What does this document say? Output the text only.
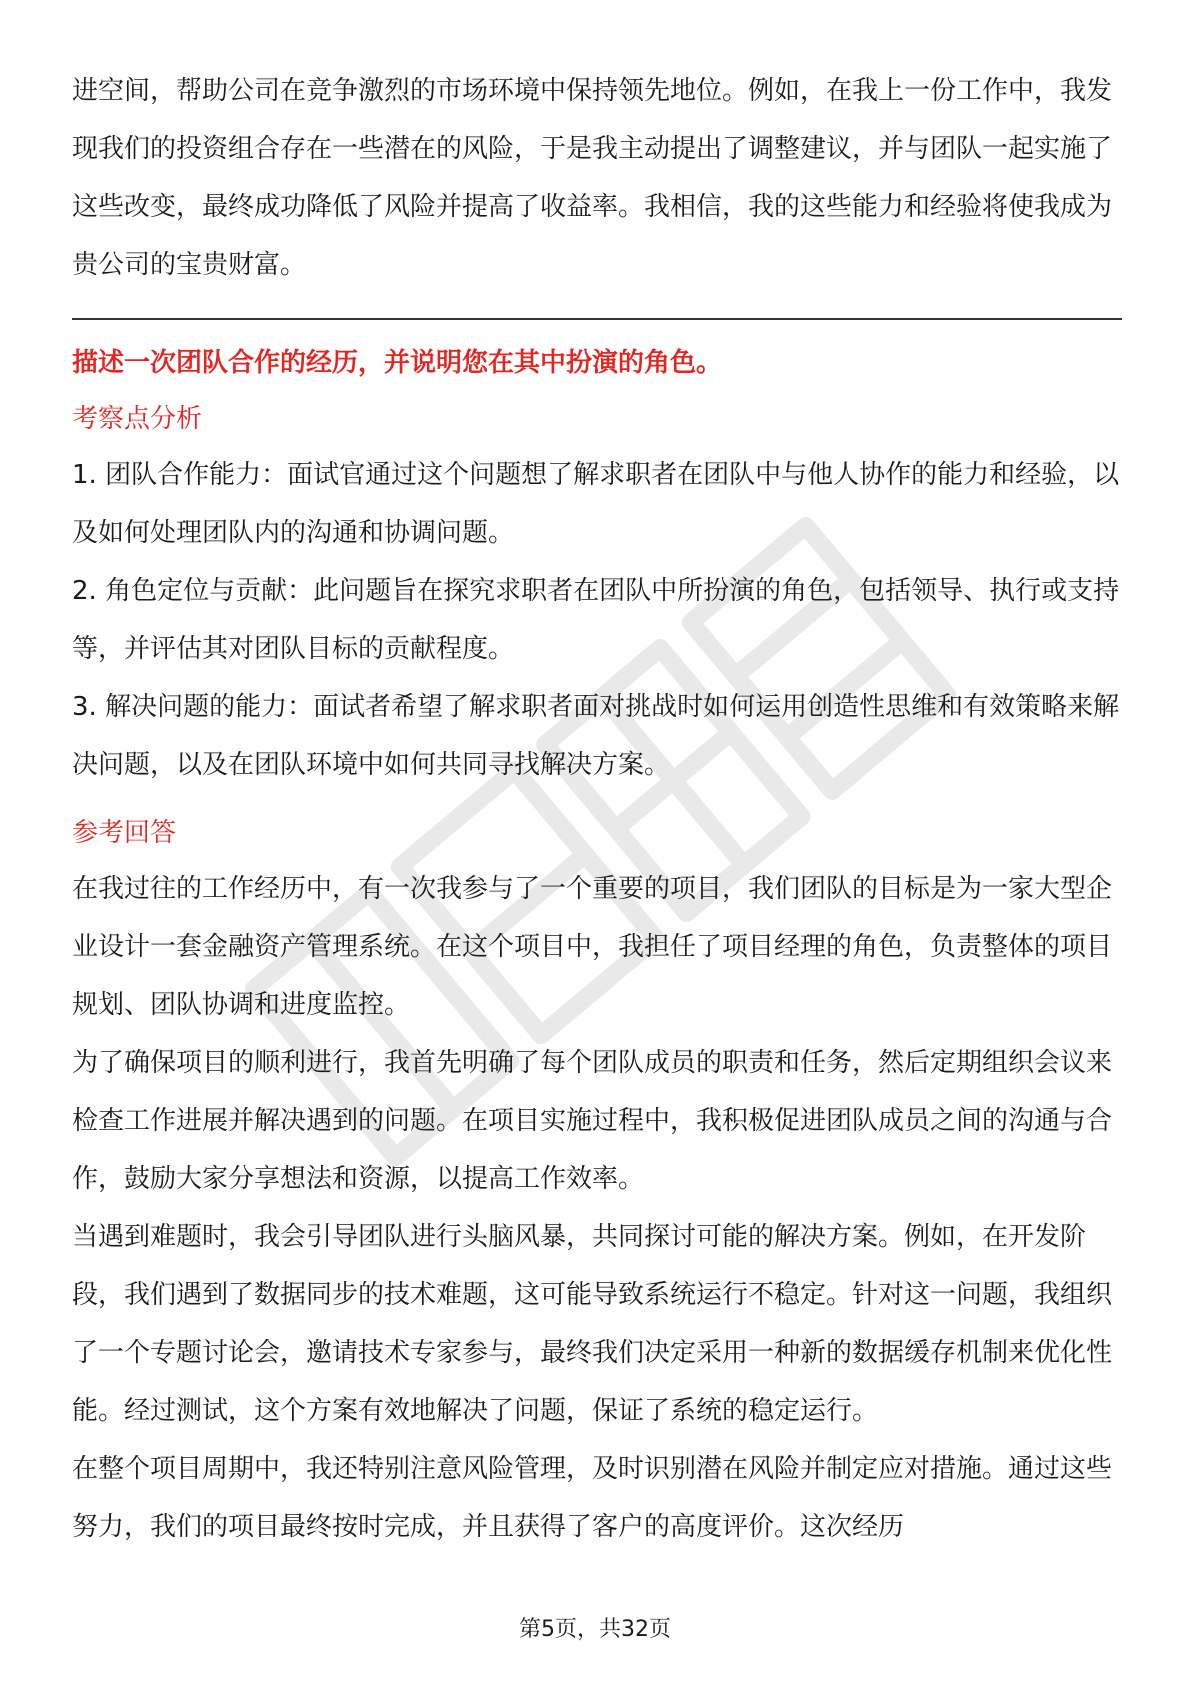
进空间，帮助公司在竞争激烈的市场环境中保持领先地位。例如，在我上一份工作中，我发现我们的投资组合存在一些潜在的风险，于是我主动提出了调整建议，并与团队一起实施了这些改变，最终成功降低了风险并提高了收益率。我相信，我的这些能力和经验将使我成为贵公司的宝贵财富。

描述一次团队合作的经历，并说明您在其中扮演的角色。

考察点分析

1. 团队合作能力：面试官通过这个问题想了解求职者在团队中与他人协作的能力和经验，以及如何处理团队内的沟通和协调问题。

2. 角色定位与贡献：此问题旨在探究求职者在团队中所扮演的角色，包括领导、执行或支持等，并评估其对团队目标的贡献程度。

3. 解决问题的能力：面试者希望了解求职者面对挑战时如何运用创造性思维和有效策略来解决问题，以及在团队环境中如何共同寻找解决方案。

参考回答

在我过往的工作经历中，有一次我参与了一个重要的项目，我们团队的目标是为一家大型企业设计一套金融资产管理系统。在这个项目中，我担任了项目经理的角色，负责整体的项目规划、团队协调和进度监控。

为了确保项目的顺利进行，我首先明确了每个团队成员的职责和任务，然后定期组织会议来检查工作进展并解决遇到的问题。在项目实施过程中，我积极促进团队成员之间的沟通与合作，鼓励大家分享想法和资源，以提高工作效率。

当遇到难题时，我会引导团队进行头脑风暴，共同探讨可能的解决方案。例如，在开发阶段，我们遇到了数据同步的技术难题，这可能导致系统运行不稳定。针对这一问题，我组织了一个专题讨论会，邀请技术专家参与，最终我们决定采用一种新的数据缓存机制来优化性能。经过测试，这个方案有效地解决了问题，保证了系统的稳定运行。

在整个项目周期中，我还特别注意风险管理，及时识别潜在风险并制定应对措施。通过这些努力，我们的项目最终按时完成，并且获得了客户的高度评价。这次经历

第5页，共32页
